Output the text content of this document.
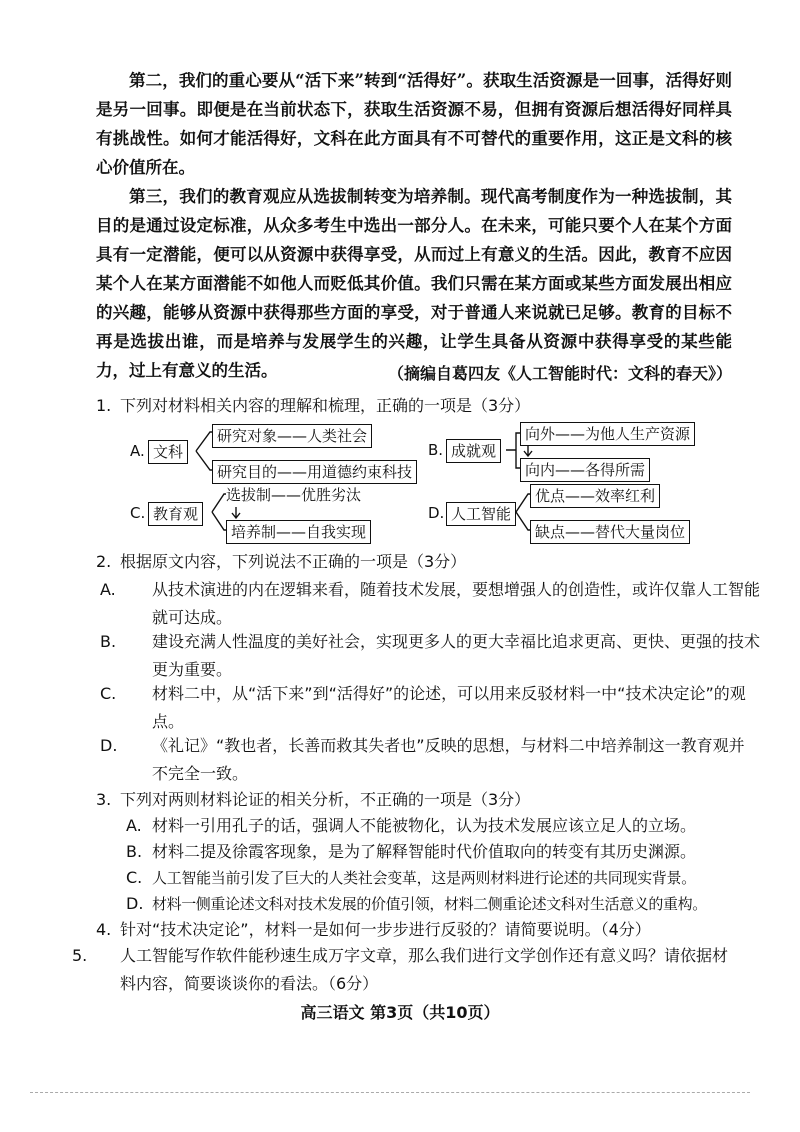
第二，我们的重心要从“活下来”转到“活得好”。获取生活资源是一回事，活得好则是另一回事。即便是在当前状态下，获取生活资源不易，但拥有资源后想活得好同样具有挑战性。如何才能活得好，文科在此方面具有不可替代的重要作用，这正是文科的核心价值所在。

第三，我们的教育观应从选拔制转变为培养制。现代高考制度作为一种选拔制，其目的是通过设定标准，从众多考生中选出一部分人。在未来，可能只要个人在某个方面具有一定潜能，便可以从资源中获得享受，从而过上有意义的生活。因此，教育不应因某个人在某方面潜能不如他人而贬低其价值。我们只需在某方面或某些方面发展出相应的兴趣，能够从资源中获得那些方面的享受，对于普通人来说就已足够。教育的目标不再是选拔出谁，而是培养与发展学生的兴趣，让学生具备从资源中获得享受的某些能力，过上有意义的生活。	（摘编自葛四友《人工智能时代：文科的春天》）

1. 下列对材料相关内容的理解和梳理，正确的一项是（3分）

A. 文科
研究对象——人类社会
研究目的——用道德约束科技
B. 成就观
向外——为他人生产资源
向内——各得所需
C. 教育观
选拔制——优胜劣汰
培养制——自我实现
D. 人工智能
优点——效率红利
缺点——替代大量岗位

2. 根据原文内容，下列说法不正确的一项是（3分）

A. 从技术演进的内在逻辑来看，随着技术发展，要想增强人的创造性，或许仅靠人工智能就可达成。

B. 建设充满人性温度的美好社会，实现更多人的更大幸福比追求更高、更快、更强的技术更为重要。

C. 材料二中，从“活下来”到“活得好”的论述，可以用来反驳材料一中“技术决定论”的观点。

D. 《礼记》“教也者，长善而救其失者也”反映的思想，与材料二中培养制这一教育观并不完全一致。

3. 下列对两则材料论证的相关分析，不正确的一项是（3分）

A. 材料一引用孔子的话，强调人不能被物化，认为技术发展应该立足人的立场。

B. 材料二提及徐霞客现象，是为了解释智能时代价值取向的转变有其历史渊源。

C. 人工智能当前引发了巨大的人类社会变革，这是两则材料进行论述的共同现实背景。

D. 材料一侧重论述文科对技术发展的价值引领，材料二侧重论述文科对生活意义的重构。

4. 针对“技术决定论”，材料一是如何一步步进行反驳的？请简要说明。（4分）

5. 人工智能写作软件能秒速生成万字文章，那么我们进行文学创作还有意义吗？请依据材料内容，简要谈谈你的看法。（6分）

高三语文 第3页（共10页）
